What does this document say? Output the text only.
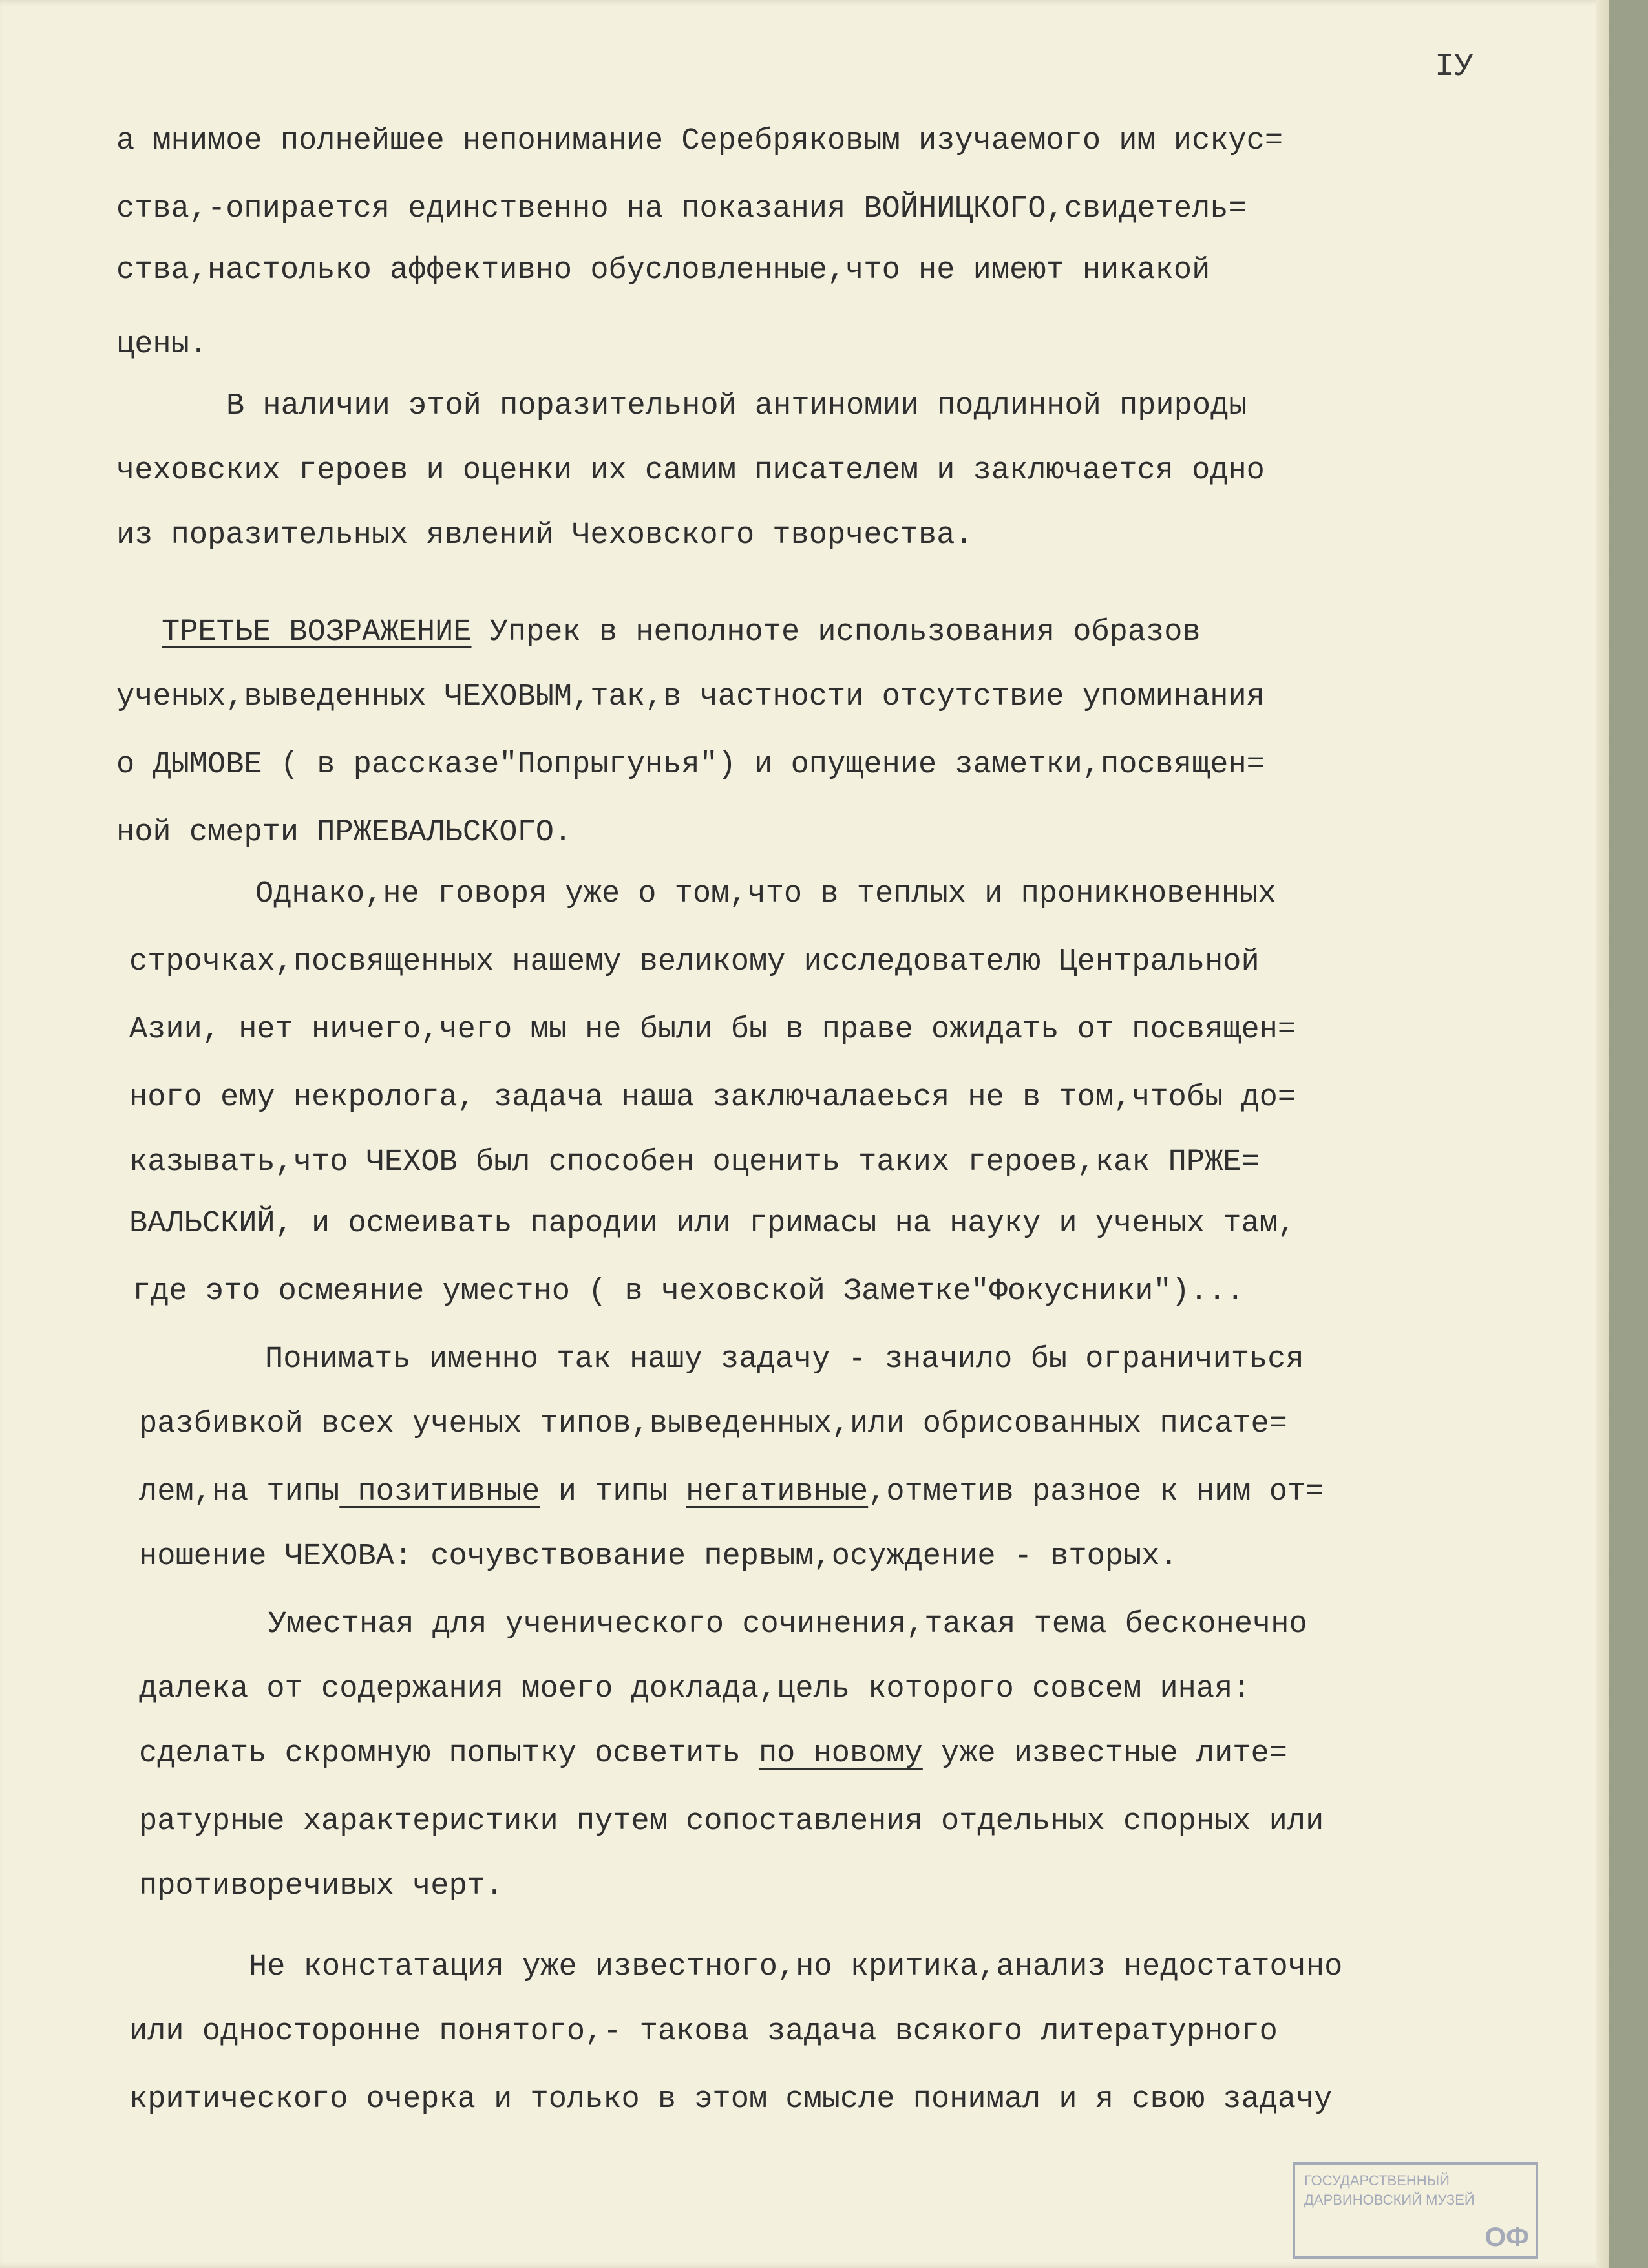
IУ
а мнимое полнейшее непонимание Серебряковым изучаемого им искус=
ства,-опирается единственно на показания ВОЙНИЦКОГО,свидетель=
ства,настолько аффективно обусловленные,что не имеют никакой
цены.
В наличии этой поразительной антиномии подлинной природы
чеховских героев и оценки их самим писателем и заключается одно
из поразительных явлений Чеховского творчества.
ТРЕТЬЕ ВОЗРАЖЕНИЕ Упрек в неполноте использования образов
ученых,выведенных ЧЕХОВЫМ,так,в частности отсутствие упоминания
о ДЫМОВЕ ( в рассказе"Попрыгунья") и опущение заметки,посвящен=
ной смерти ПРЖЕВАЛЬСКОГО.
Однако,не говоря уже о том,что в теплых и проникновенных
строчках,посвященных нашему великому исследователю Центральной
Азии, нет ничего,чего мы не были бы в праве ожидать от посвящен=
ного ему некролога, задача наша заключалаеься не в том,чтобы до=
казывать,что ЧЕХОВ был способен оценить таких героев,как ПРЖЕ=
ВАЛЬСКИЙ, и осмеивать пародии или гримасы на науку и ученых там,
где это осмеяние уместно ( в чеховской Заметке"Фокусники")...
Понимать именно так нашу задачу - значило бы ограничиться
разбивкой всех ученых типов,выведенных,или обрисованных писате=
лем,на типы позитивные и типы негативные,отметив разное к ним от=
ношение ЧЕХОВА: сочувствование первым,осуждение - вторых.
Уместная для ученического сочинения,такая тема бесконечно
далека от содержания моего доклада,цель которого совсем иная:
сделать скромную попытку осветить по новому уже известные лите=
ратурные характеристики путем сопоставления отдельных спорных или
противоречивых черт.
Не констатация уже известного,но критика,анализ недостаточно
или односторонне понятого,- такова задача всякого литературного
критического очерка и только в этом смысле понимал и я свою задачу
ГОСУДАРСТВЕННЫЙ
ДАРВИНОВСКИЙ МУЗЕЙ
ОФ
